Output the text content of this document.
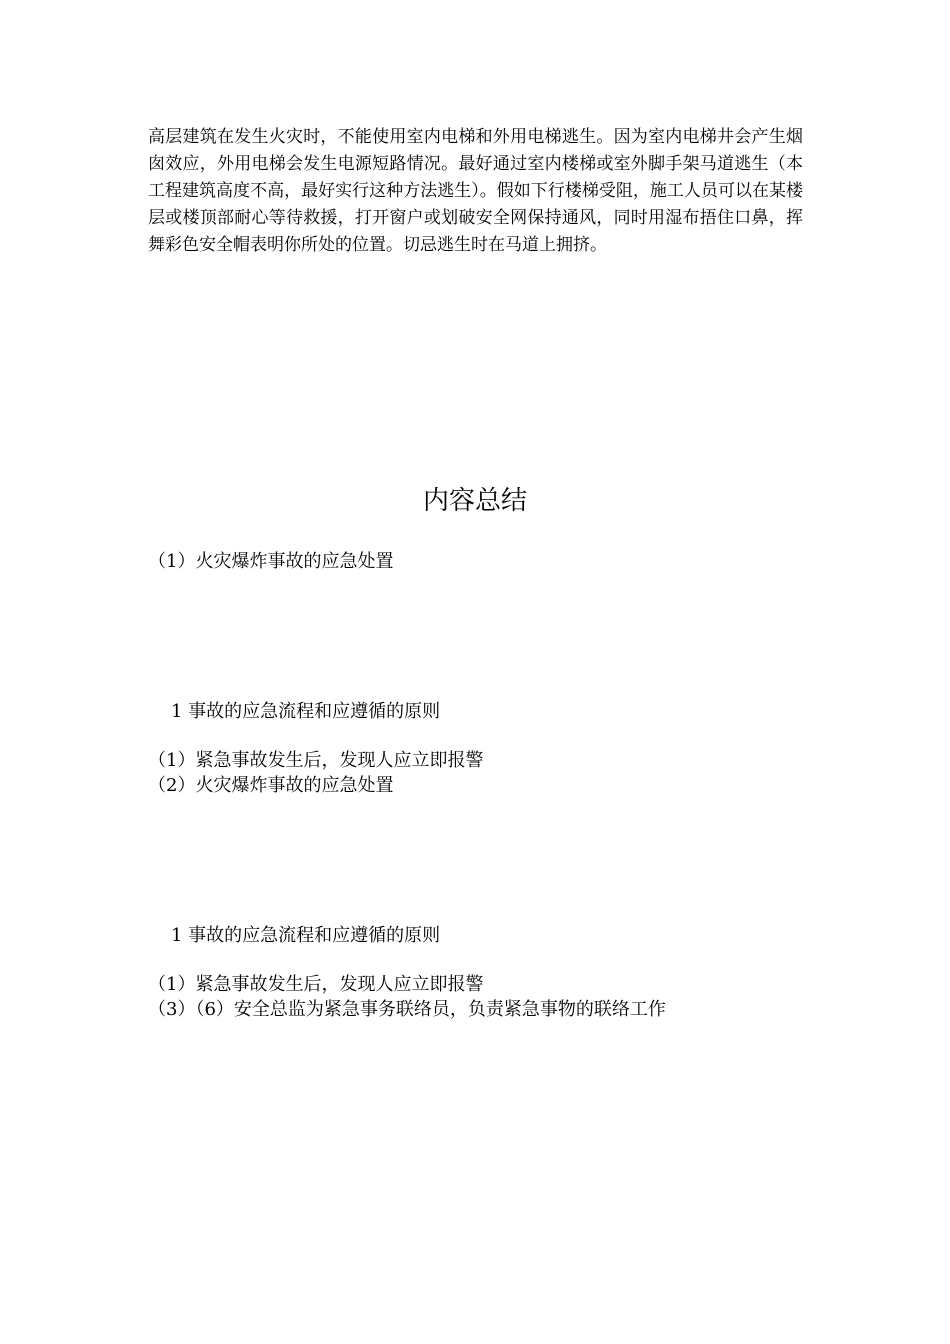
高层建筑在发生火灾时，不能使用室内电梯和外用电梯逃生。因为室内电梯井会产生烟囱效应，外用电梯会发生电源短路情况。最好通过室内楼梯或室外脚手架马道逃生（本工程建筑高度不高，最好实行这种方法逃生）。假如下行楼梯受阻，施工人员可以在某楼层或楼顶部耐心等待救援，打开窗户或划破安全网保持通风，同时用湿布捂住口鼻，挥舞彩色安全帽表明你所处的位置。切忌逃生时在马道上拥挤。

内容总结

（1）火灾爆炸事故的应急处置

1 事故的应急流程和应遵循的原则

（1）紧急事故发生后，发现人应立即报警

（2）火灾爆炸事故的应急处置

1 事故的应急流程和应遵循的原则

（1）紧急事故发生后，发现人应立即报警

（3）（6）安全总监为紧急事务联络员，负责紧急事物的联络工作
